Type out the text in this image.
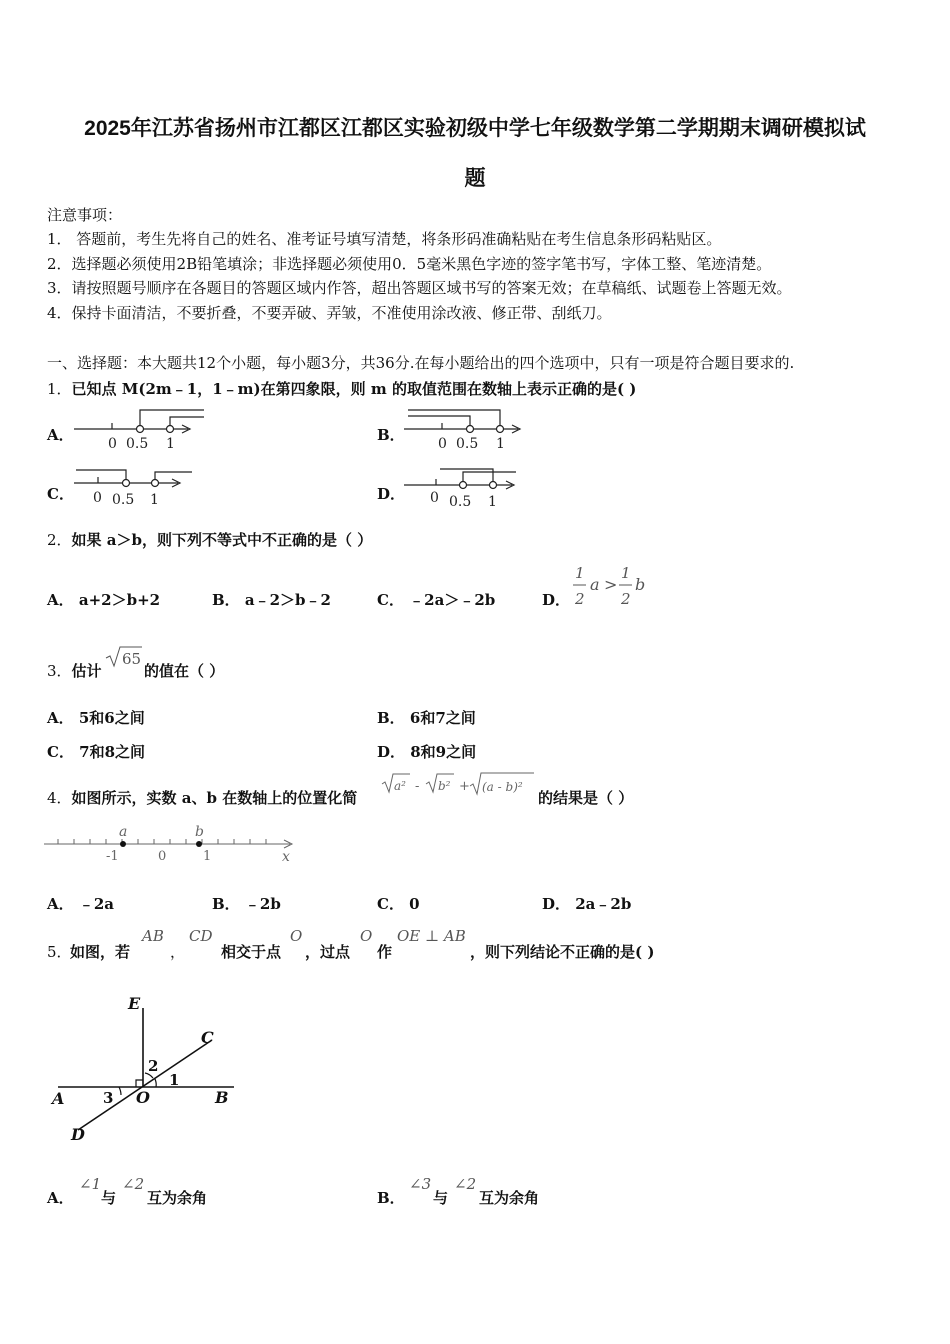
2025年江苏省扬州市江都区江都区实验初级中学七年级数学第二学期期末调研模拟试
题
注意事项：
1． 答题前，考生先将自己的姓名、准考证号填写清楚，将条形码准确粘贴在考生信息条形码粘贴区。
2．选择题必须使用2B铅笔填涂；非选择题必须使用0．5毫米黑色字迹的签字笔书写，字体工整、笔迹清楚。
3．请按照题号顺序在各题目的答题区域内作答，超出答题区域书写的答案无效；在草稿纸、试题卷上答题无效。
4．保持卡面清洁，不要折叠，不要弄破、弄皱，不准使用涂改液、修正带、刮纸刀。
一、选择题：本大题共12个小题，每小题3分，共36分.在每小题给出的四个选项中，只有一项是符合题目要求的.
1．已知点 M(2m﹣1，1﹣m)在第四象限，则 m 的取值范围在数轴上表示正确的是( )
A． 0 0.5 1	B． 0 0.5 1
C． 0 0.5 1	D． 0 0.5 1
2．如果 a＞b，则下列不等式中不正确的是（ ）
A． a+2＞b+2	B． a﹣2＞b﹣2	C． ﹣2a＞﹣2b	D．
1
2
a >
1
2
b
3．估计
65
的值在（ ）
A． 5和6之间	B． 6和7之间
C． 7和8之间	D． 8和9之间
4．如图所示，实数 a、b 在数轴上的位置化简
a² - b² + (a - b)²
的结果是（ ）
a	b
-1	0	1	x
A． ﹣2a	B． ﹣2b	C． 0	D． 2a﹣2b
5．
如图，若
AB
，
CD
相交于点
O
，过点
O
作
OE ⊥ AB
，则下列结论不正确的是( )
E
C
A	O	B
D
1
2
3
A．
∠1
与
∠2
互为余角	B．
∠3
与
∠2
互为余角
